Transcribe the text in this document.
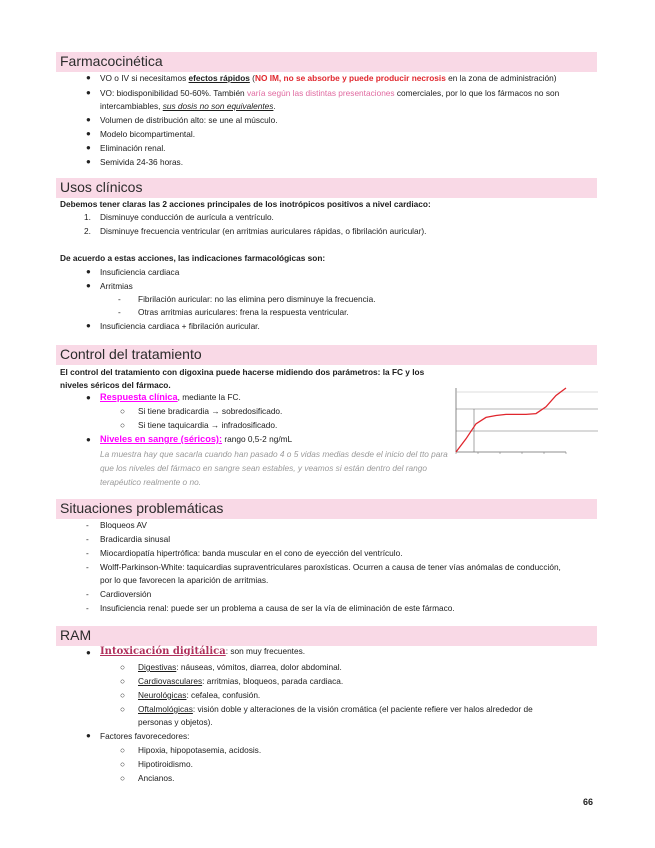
Farmacocinética
● VO o IV si necesitamos efectos rápidos (NO IM, no se absorbe y puede producir necrosis en la zona de administración)
● VO: biodisponibilidad 50-60%. También varía según las distintas presentaciones comerciales, por lo que los fármacos no son
intercambiables, sus dosis no son equivalentes.
● Volumen de distribución alto: se une al músculo.
● Modelo bicompartimental.
● Eliminación renal.
● Semivida 24-36 horas.
Usos clínicos
Debemos tener claras las 2 acciones principales de los inotrópicos positivos a nivel cardiaco:
1. Disminuye conducción de aurícula a ventrículo.
2. Disminuye frecuencia ventricular (en arritmias auriculares rápidas, o fibrilación auricular).
De acuerdo a estas acciones, las indicaciones farmacológicas son:
● Insuficiencia cardiaca
● Arritmias
- Fibrilación auricular: no las elimina pero disminuye la frecuencia.
- Otras arritmias auriculares: frena la respuesta ventricular.
● Insuficiencia cardiaca + fibrilación auricular.
Control del tratamiento
El control del tratamiento con digoxina puede hacerse midiendo dos parámetros: la FC y los
niveles séricos del fármaco.
● Respuesta clínica, mediante la FC.
○ Si tiene bradicardia → sobredosificado.
○ Si tiene taquicardia → infradosificado.
● Niveles en sangre (séricos): rango 0,5-2 ng/mL
La muestra hay que sacarla cuando han pasado 4 o 5 vidas medias desde el inicio del tto para que los niveles del fármaco en sangre sean estables, y veamos si están dentro del rango terapéutico realmente o no.
Situaciones problemáticas
- Bloqueos AV
- Bradicardia sinusal
- Miocardiopatía hipertrófica: banda muscular en el cono de eyección del ventrículo.
- Wolff-Parkinson-White: taquicardias supraventriculares paroxísticas. Ocurren a causa de tener vías anómalas de conducción,
por lo que favorecen la aparición de arritmias.
- Cardioversión
- Insuficiencia renal: puede ser un problema a causa de ser la vía de eliminación de este fármaco.
RAM
● Intoxicación digitálica: son muy frecuentes.
○ Digestivas: náuseas, vómitos, diarrea, dolor abdominal.
○ Cardiovasculares: arritmias, bloqueos, parada cardiaca.
○ Neurológicas: cefalea, confusión.
○ Oftalmológicas: visión doble y alteraciones de la visión cromática (el paciente refiere ver halos alrededor de
personas y objetos).
● Factores favorecedores:
○ Hipoxia, hipopotasemia, acidosis.
○ Hipotiroidismo.
○ Ancianos.
66
